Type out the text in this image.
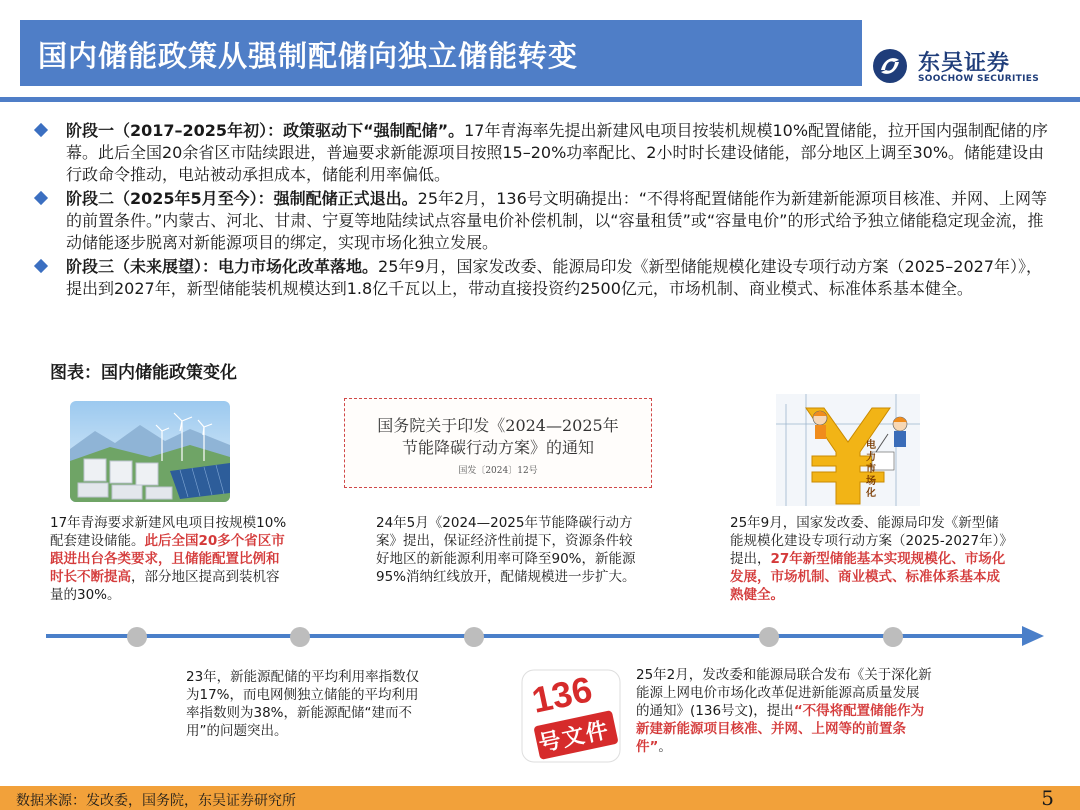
国内储能政策从强制配储向独立储能转变	东吴证券
SOOCHOW SECURITIES
阶段一（2017–2025年初）：政策驱动下“强制配储”。17年青海率先提出新建风电项目按装机规模10%配置储能，拉开国内强制配储的序幕。此后全国20余省区市陆续跟进，普遍要求新能源项目按照15–20%功率配比、2小时时长建设储能，部分地区上调至30%。储能建设由行政命令推动，电站被动承担成本，储能利用率偏低。
阶段二（2025年5月至今）：强制配储正式退出。25年2月，136号文明确提出：“不得将配置储能作为新建新能源项目核准、并网、上网等的前置条件。”内蒙古、河北、甘肃、宁夏等地陆续试点容量电价补偿机制，以“容量租赁”或“容量电价”的形式给予独立储能稳定现金流，推动储能逐步脱离对新能源项目的绑定，实现市场化独立发展。
阶段三（未来展望）：电力市场化改革落地。25年9月，国家发改委、能源局印发《新型储能规模化建设专项行动方案（2025–2027年）》，提出到2027年，新型储能装机规模达到1.8亿千瓦以上，带动直接投资约2500亿元，市场机制、商业模式、标准体系基本健全。
图表：国内储能政策变化
国务院关于印发《2024—2025年
节能降碳行动方案》的通知
国发〔2024〕12号
电力市场化
17年青海要求新建风电项目按规模10%配套建设储能。此后全国20多个省区市跟进出台各类要求，且储能配置比例和时长不断提高，部分地区提高到装机容量的30%。
24年5月《2024—2025年节能降碳行动方案》提出，保证经济性前提下，资源条件较好地区的新能源利用率可降至90%，新能源95%消纳红线放开，配储规模进一步扩大。
25年9月，国家发改委、能源局印发《新型储能规模化建设专项行动方案（2025-2027年）》提出，27年新型储能基本实现规模化、市场化发展，市场机制、商业模式、标准体系基本成熟健全。
23年，新能源配储的平均利用率指数仅为17%，而电网侧独立储能的平均利用率指数则为38%，新能源配储“建而不用”的问题突出。
136
号文件
25年2月，发改委和能源局联合发布《关于深化新能源上网电价市场化改革促进新能源高质量发展的通知》(136号文)，提出“不得将配置储能作为新建新能源项目核准、并网、上网等的前置条件”。
数据来源：发改委，国务院，东吴证券研究所	5
